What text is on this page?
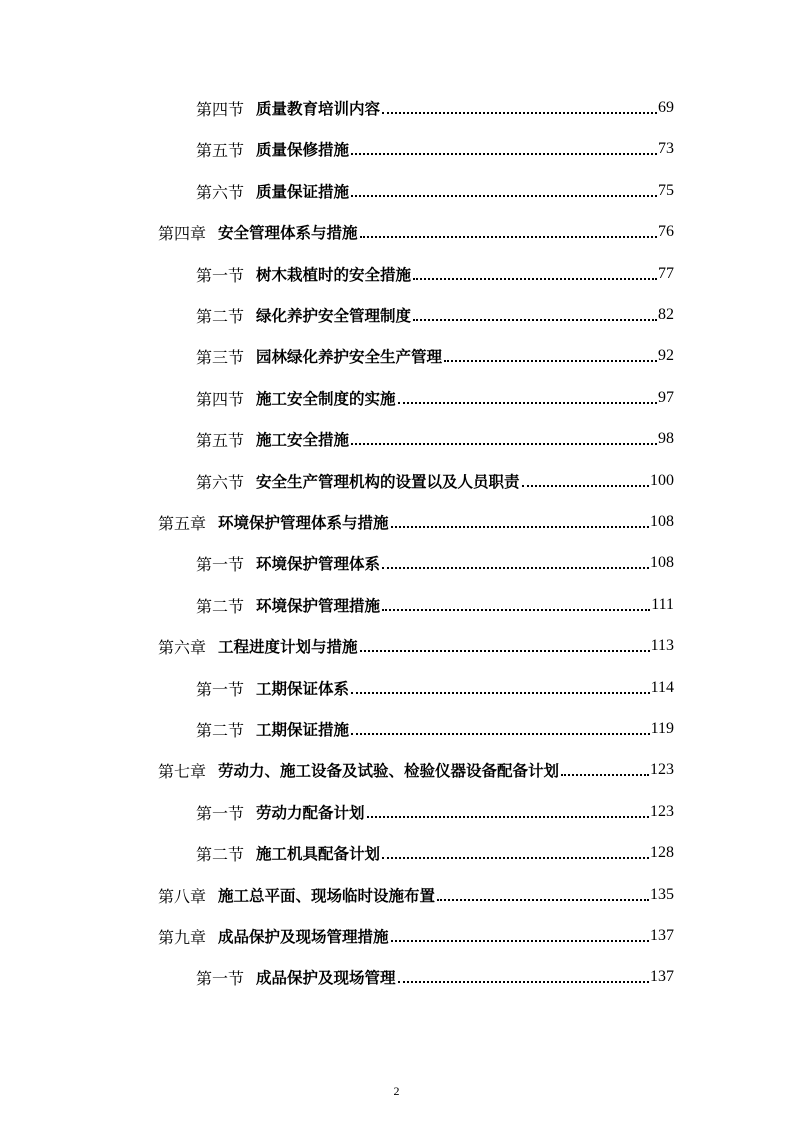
第四节 质量教育培训内容	69
第五节 质量保修措施	73
第六节 质量保证措施	75
第四章 安全管理体系与措施	76
第一节 树木栽植时的安全措施	77
第二节 绿化养护安全管理制度	82
第三节 园林绿化养护安全生产管理	92
第四节 施工安全制度的实施	97
第五节 施工安全措施	98
第六节 安全生产管理机构的设置以及人员职责	100
第五章 环境保护管理体系与措施	108
第一节 环境保护管理体系	108
第二节 环境保护管理措施	111
第六章 工程进度计划与措施	113
第一节 工期保证体系	114
第二节 工期保证措施	119
第七章 劳动力、施工设备及试验、检验仪器设备配备计划	123
第一节 劳动力配备计划	123
第二节 施工机具配备计划	128
第八章 施工总平面、现场临时设施布置	135
第九章 成品保护及现场管理措施	137
第一节 成品保护及现场管理	137
2
